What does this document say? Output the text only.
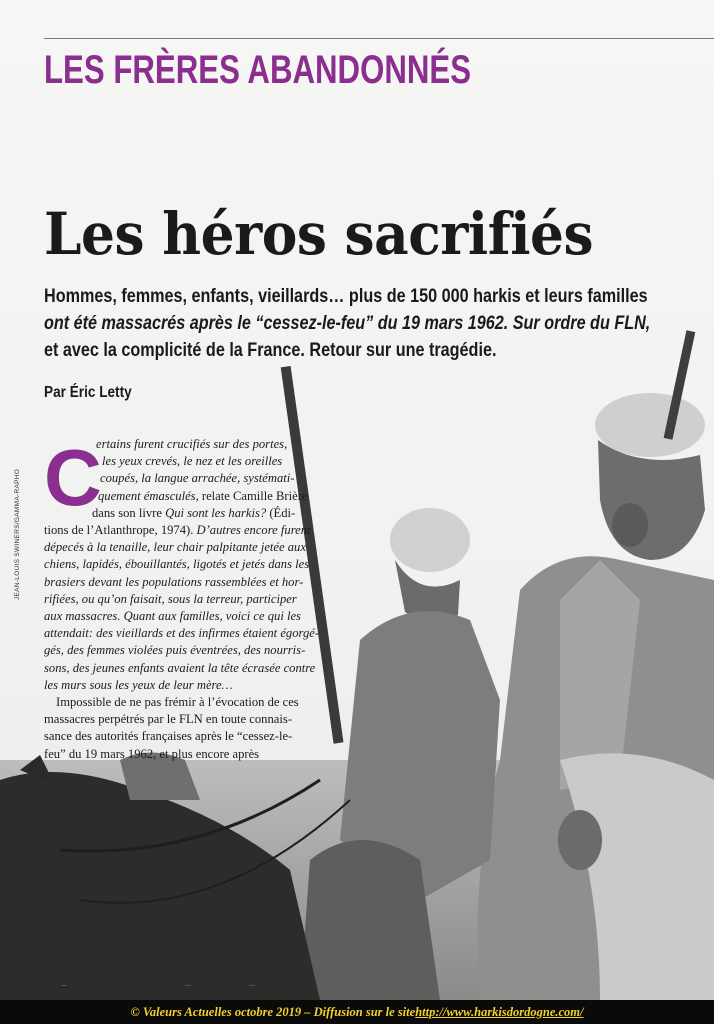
LES FRÈRES ABANDONNÉS
Les héros sacrifiés
Hommes, femmes, enfants, vieillards… plus de 150 000 harkis et leurs familles
ont été massacrés après le “cessez-le-feu” du 19 mars 1962. Sur ordre du FLN,
et avec la complicité de la France. Retour sur une tragédie.
Par Éric Letty
C
ertains furent crucifiés sur des portes,
les yeux crevés, le nez et les oreilles
coupés, la langue arrachée, systémati-
quement émasculés, relate Camille Brière
dans son livre Qui sont les harkis? (Édi-
tions de l’Atlanthrope, 1974). D’autres encore furent
dépecés à la tenaille, leur chair palpitante jetée aux
chiens, lapidés, ébouillantés, ligotés et jetés dans les
brasiers devant les populations rassemblées et hor-
rifiées, ou qu’on faisait, sous la terreur, participer
aux massacres. Quant aux familles, voici ce qui les
attendait: des vieillards et des infirmes étaient égorgé-
gés, des femmes violées puis éventrées, des nourris-
sons, des jeunes enfants avaient la tête écrasée contre
les murs sous les yeux de leur mère…
Impossible de ne pas frémir à l’évocation de ces
massacres perpétrés par le FLN en toute connais-
sance des autorités françaises après le “cessez-le-
feu” du 19 mars 1962, et plus encore après
JEAN-LOUIS SWINERS/GAMMA-RAPHO
76 – VALEURS ACTUELLES – Hors-série – Numéro 21
© Valeurs Actuelles octobre 2019 – Diffusion sur le site http://www.harkisdordogne.com/
